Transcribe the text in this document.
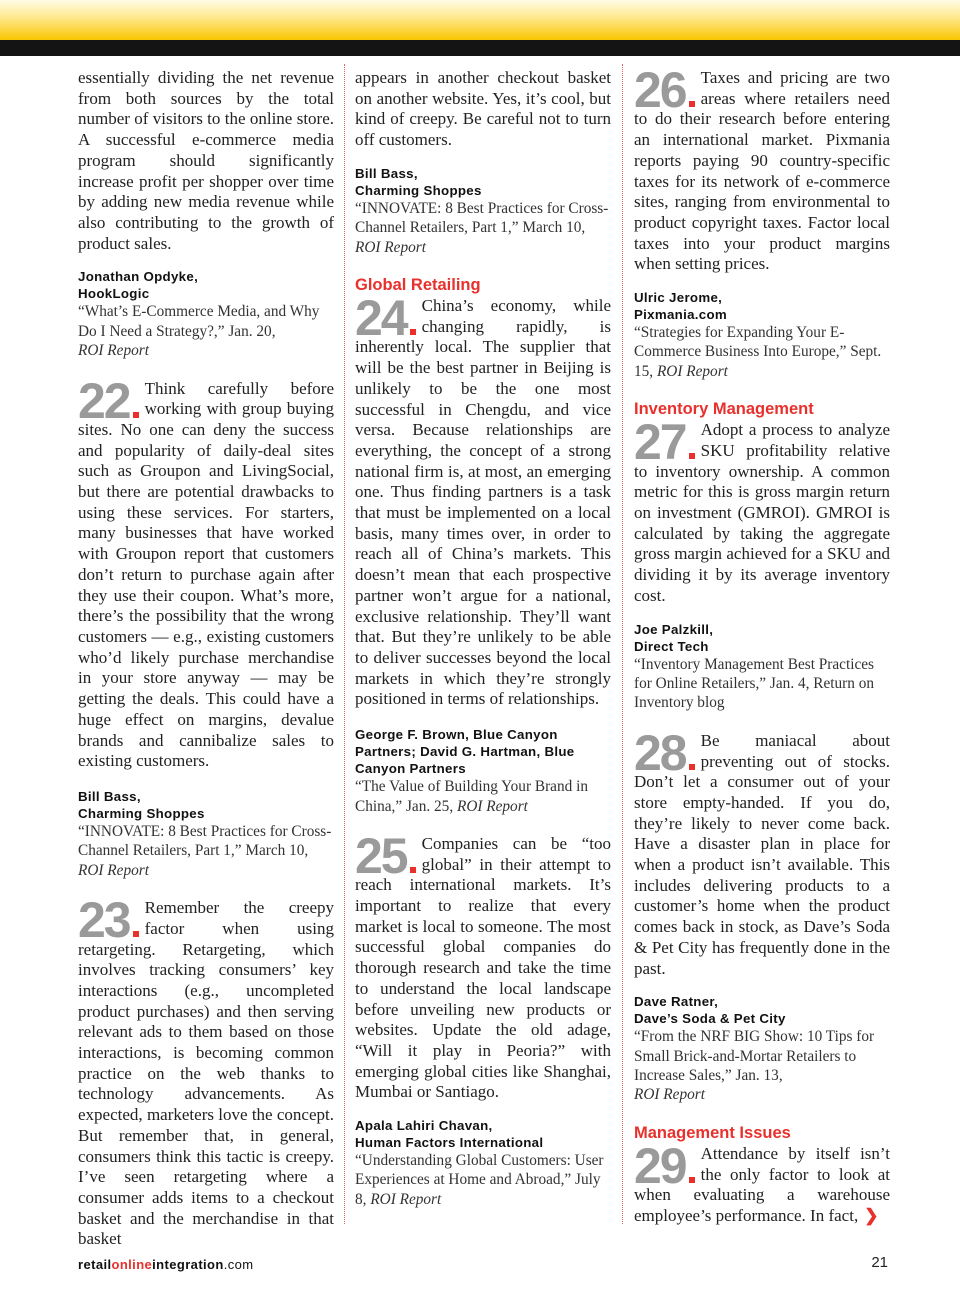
essentially dividing the net revenue from both sources by the total number of visitors to the online store. A successful e-commerce media program should significantly increase profit per shopper over time by adding new media revenue while also contributing to the growth of product sales.

Jonathan Opdyke,
HookLogic
“What’s E-Commerce Media, and Why Do I Need a Strategy?,” Jan. 20,
ROI Report
22 Think carefully before working with group buying sites. No one can deny the success and popularity of daily-deal sites such as Groupon and LivingSocial, but there are potential drawbacks to using these services. For starters, many businesses that have worked with Groupon report that customers don’t return to purchase again after they use their coupon. What’s more, there’s the possibility that the wrong customers — e.g., existing customers who’d likely purchase merchandise in your store anyway — may be getting the deals. This could have a huge effect on margins, devalue brands and cannibalize sales to existing customers.

Bill Bass,
Charming Shoppes
“INNOVATE: 8 Best Practices for Cross-Channel Retailers, Part 1,” March 10, ROI Report
23 Remember the creepy factor when using retargeting. Retargeting, which involves tracking consumers’ key interactions (e.g., uncompleted product purchases) and then serving relevant ads to them based on those interactions, is becoming common practice on the web thanks to technology advancements. As expected, marketers love the concept. But remember that, in general, consumers think this tactic is creepy. I’ve seen retargeting where a consumer adds items to a checkout basket and the merchandise in that basket

appears in another checkout basket on another website. Yes, it’s cool, but kind of creepy. Be careful not to turn off customers.

Bill Bass,
Charming Shoppes
“INNOVATE: 8 Best Practices for Cross-Channel Retailers, Part 1,” March 10, ROI Report
Global Retailing
24 China’s economy, while changing rapidly, is inherently local. The supplier that will be the best partner in Beijing is unlikely to be the one most successful in Chengdu, and vice versa. Because relationships are everything, the concept of a strong national firm is, at most, an emerging one. Thus finding partners is a task that must be implemented on a local basis, many times over, in order to reach all of China’s markets. This doesn’t mean that each prospective partner won’t argue for a national, exclusive relationship. They’ll want that. But they’re unlikely to be able to deliver successes beyond the local markets in which they’re strongly positioned in terms of relationships.

George F. Brown, Blue Canyon Partners; David G. Hartman, Blue Canyon Partners
“The Value of Building Your Brand in China,” Jan. 25, ROI Report
25 Companies can be “too global” in their attempt to reach international markets. It’s important to realize that every market is local to someone. The most successful global companies do thorough research and take the time to understand the local landscape before unveiling new products or websites. Update the old adage, “Will it play in Peoria?” with emerging global cities like Shanghai, Mumbai or Santiago.

Apala Lahiri Chavan,
Human Factors International
“Understanding Global Customers: User Experiences at Home and Abroad,” July 8, ROI Report
26 Taxes and pricing are two areas where retailers need to do their research before entering an international market. Pixmania reports paying 90 country-specific taxes for its network of e-commerce sites, ranging from environmental to product copyright taxes. Factor local taxes into your product margins when setting prices.

Ulric Jerome,
Pixmania.com
“Strategies for Expanding Your E-Commerce Business Into Europe,” Sept. 15, ROI Report
Inventory Management
27 Adopt a process to analyze SKU profitability relative to inventory ownership. A common metric for this is gross margin return on investment (GMROI). GMROI is calculated by taking the aggregate gross margin achieved for a SKU and dividing it by its average inventory cost.

Joe Palzkill,
Direct Tech
“Inventory Management Best Practices for Online Retailers,” Jan. 4, Return on Inventory blog
28 Be maniacal about preventing out of stocks. Don’t let a consumer out of your store empty-handed. If you do, they’re likely to never come back. Have a disaster plan in place for when a product isn’t available. This includes delivering products to a customer’s home when the product comes back in stock, as Dave’s Soda & Pet City has frequently done in the past.

Dave Ratner,
Dave’s Soda & Pet City
“From the NRF BIG Show: 10 Tips for Small Brick-and-Mortar Retailers to Increase Sales,” Jan. 13,
ROI Report
Management Issues
29 Attendance by itself isn’t the only factor to look at when evaluating a warehouse employee’s performance. In fact, ❯

retailonlineintegration.com	21
